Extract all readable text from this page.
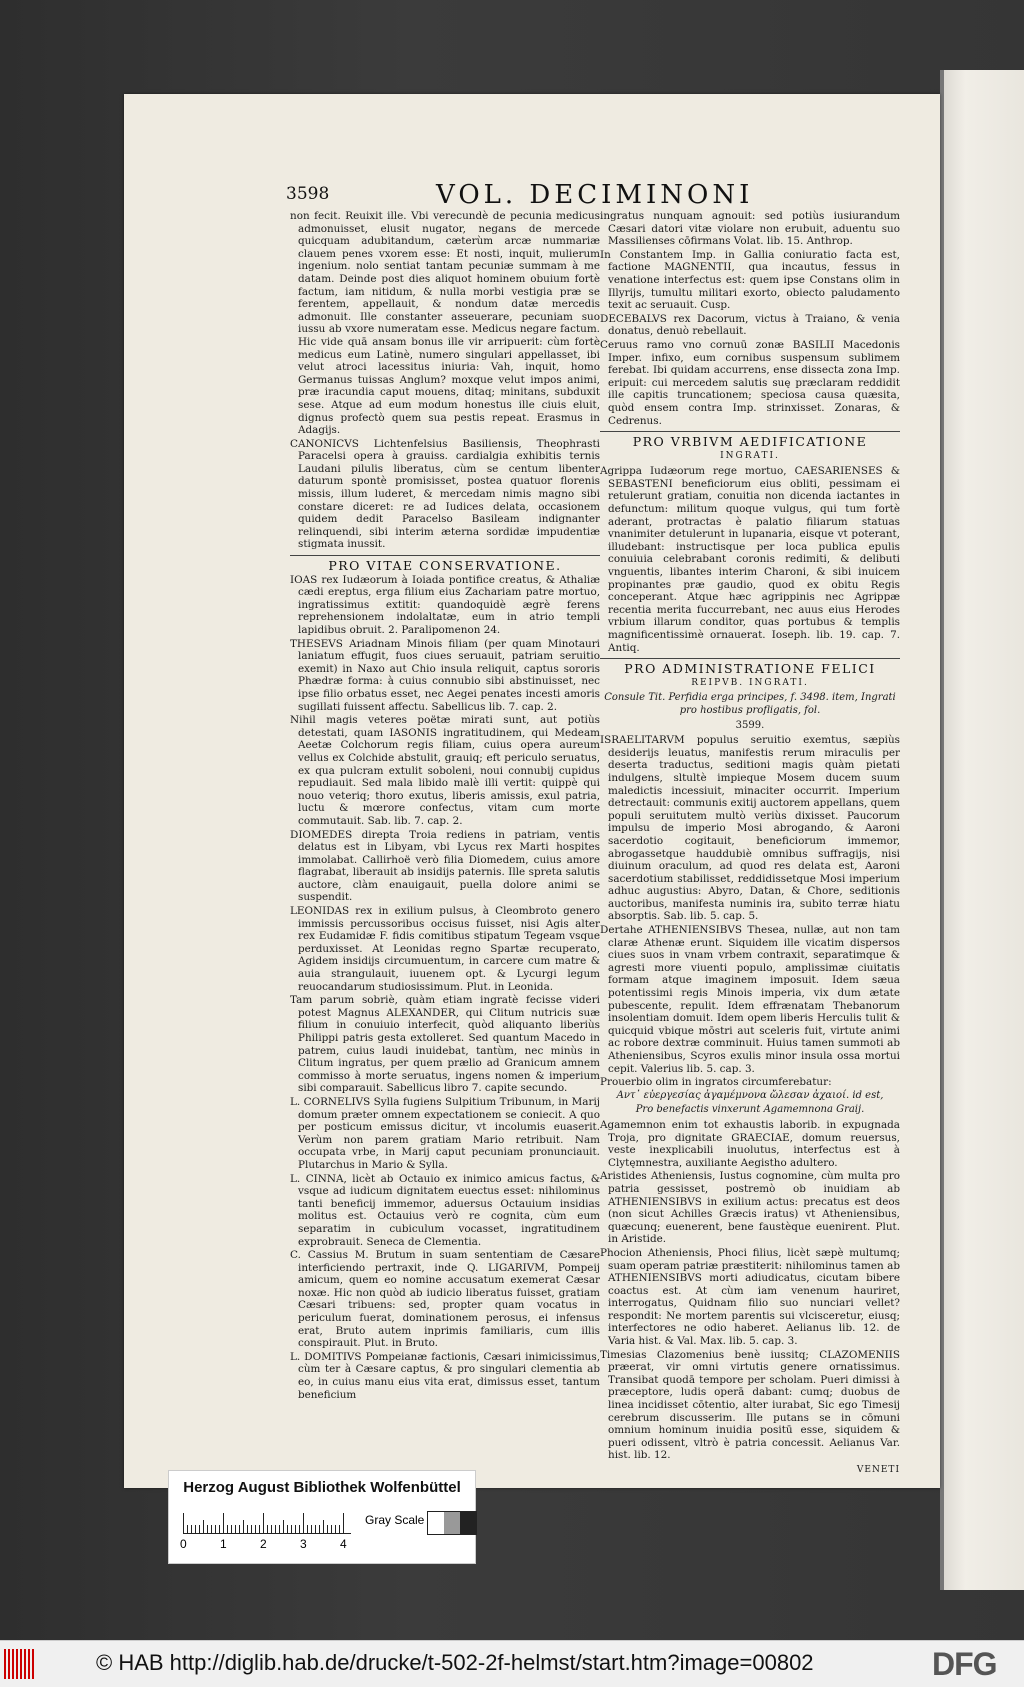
3598	VOL. DECIMINONI

non fecit. Reuixit ille. Vbi verecundè de pecunia medicus admonuisset, elusit nugator, negans de mercede quicquam adubitandum, cæterùm arcæ nummariæ clauem penes vxorem esse: Et nosti, inquit, mulierum ingenium. nolo sentiat tantam pecuniæ summam à me datam. Deinde post dies aliquot hominem obuium fortè factum, iam nitidum, & nulla morbi vestigia præ se ferentem, appellauit, & nondum datæ mercedis admonuit. Ille constanter asseuerare, pecuniam suo iussu ab vxore numeratam esse. Medicus negare factum. Hic vide quā ansam bonus ille vir arripuerit: cùm fortè medicus eum Latinè, numero singulari appellasset, ibi velut atroci lacessitus iniuria: Vah, inquit, homo Germanus tuissas Anglum? moxque velut impos animi, præ iracundia caput mouens, ditaq; minitans, subduxit sese. Atque ad eum modum honestus ille ciuis eluit, dignus profectò quem sua pestis repeat. Erasmus in Adagijs.

CANONICVS Lichtenfelsius Basiliensis, Theophrasti Paracelsi opera à grauiss. cardialgia exhibitis ternis Laudani pilulis liberatus, cùm se centum libenter daturum spontè promisisset, postea quatuor florenis missis, illum luderet, & mercedam nimis magno sibi constare diceret: re ad Iudices delata, occasionem quidem dedit Paracelso Basileam indignanter relinquendi, sibi interim æterna sordidæ impudentiæ stigmata inussit.

PRO VITAE CONSERVATIONE.

IOAS rex Iudæorum à Ioiada pontifice creatus, & Athaliæ cædi ereptus, erga filium eius Zachariam patre mortuo, ingratissimus extitit: quandoquidè ægrè ferens reprehensionem indolaltatæ, eum in atrio templi lapidibus obruit. 2. Paralipomenon 24.

THESEVS Ariadnam Minois filiam (per quam Minotauri laniatum effugit, fuos ciues seruauit, patriam seruitio exemit) in Naxo aut Chio insula reliquit, captus sororis Phædræ forma: à cuius connubio sibi abstinuisset, nec ipse filio orbatus esset, nec Aegei penates incesti amoris sugillati fuissent affectu. Sabellicus lib. 7. cap. 2.

Nihil magis veteres poëtæ mirati sunt, aut potiùs detestati, quam IASONIS ingratitudinem, qui Medeam Aeetæ Colchorum regis filiam, cuius opera aureum vellus ex Colchide abstulit, grauiq; eft periculo seruatus, ex qua pulcram extulit soboleni, noui connubij cupidus repudiauit. Sed mala libido malè illi vertit: quippè qui nouo veteriq; thoro exutus, liberis amissis, exul patria, luctu & mœrore confectus, vitam cum morte commutauit. Sab. lib. 7. cap. 2.

DIOMEDES direpta Troia rediens in patriam, ventis delatus est in Libyam, vbi Lycus rex Marti hospites immolabat. Callirhoë verò filia Diomedem, cuius amore flagrabat, liberauit ab insidijs paternis. Ille spreta salutis auctore, clàm enauigauit, puella dolore animi se suspendit.

LEONIDAS rex in exilium pulsus, à Cleombroto genero immissis percussoribus occisus fuisset, nisi Agis alter rex Eudamidæ F. fidis comitibus stipatum Tegeam vsque perduxisset. At Leonidas regno Spartæ recuperato, Agidem insidijs circumuentum, in carcere cum matre & auia strangulauit, iuuenem opt. & Lycurgi legum reuocandarum studiosissimum. Plut. in Leonida.

Tam parum sobriè, quàm etiam ingratè fecisse videri potest Magnus ALEXANDER, qui Clitum nutricis suæ filium in conuiuio interfecit, quòd aliquanto liberiùs Philippi patris gesta extolleret. Sed quantum Macedo in patrem, cuius laudi inuidebat, tantùm, nec minùs in Clitum ingratus, per quem prælio ad Granicum amnem commisso à morte seruatus, ingens nomen & imperium sibi comparauit. Sabellicus libro 7. capite secundo.

L. CORNELIVS Sylla fugiens Sulpitium Tribunum, in Marij domum præter omnem expectationem se coniecit. A quo per posticum emissus dicitur, vt incolumis euaserit. Verùm non parem gratiam Mario retribuit. Nam occupata vrbe, in Marij caput pecuniam pronunciauit. Plutarchus in Mario & Sylla.

L. CINNA, licèt ab Octauio ex inimico amicus factus, & vsque ad iudicum dignitatem euectus esset: nihilominus tanti beneficij immemor, aduersus Octauium insidias molitus est. Octauius verò re cognita, cùm eum separatim in cubiculum vocasset, ingratitudinem exprobrauit. Seneca de Clementia.

C. Cassius M. Brutum in suam sententiam de Cæsare interficiendo pertraxit, inde Q. LIGARIVM, Pompeij amicum, quem eo nomine accusatum exemerat Cæsar noxæ. Hic non quòd ab iudicio liberatus fuisset, gratiam Cæsari tribuens: sed, propter quam vocatus in periculum fuerat, dominationem perosus, ei infensus erat, Bruto autem inprimis familiaris, cum illis conspirauit. Plut. in Bruto.

L. DOMITIVS Pompeianæ factionis, Cæsari inimicissimus, cùm ter à Cæsare captus, & pro singulari clementia ab eo, in cuius manu eius vita erat, dimissus esset, tantum beneficium

ingratus nunquam agnouit: sed potiùs iusiurandum Cæsari datori vitæ violare non erubuit, aduentu suo Massilienses cōfirmans Volat. lib. 15. Anthrop.

In Constantem Imp. in Gallia coniuratio facta est, factione MAGNENTII, qua incautus, fessus in venatione interfectus est: quem ipse Constans olim in Illyrijs, tumultu militari exorto, obiecto paludamento texit ac seruauit. Cusp.

DECEBALVS rex Dacorum, victus à Traiano, & venia donatus, denuò rebellauit.

Ceruus ramo vno cornuū zonæ BASILII Macedonis Imper. infixo, eum cornibus suspensum sublimem ferebat. Ibi quidam accurrens, ense dissecta zona Imp. eripuit: cui mercedem salutis suę præclaram reddidit ille capitis truncationem; speciosa causa quæsita, quòd ensem contra Imp. strinxisset. Zonaras, & Cedrenus.

PRO VRBIVM AEDIFICATIONE
INGRATI.

Agrippa Iudæorum rege mortuo, CAESARIENSES & SEBASTENI beneficiorum eius obliti, pessimam ei retulerunt gratiam, conuitia non dicenda iactantes in defunctum: militum quoque vulgus, qui tum fortè aderant, protractas è palatio filiarum statuas vnanimiter detulerunt in lupanaria, eisque vt poterant, illudebant: instructisque per loca publica epulis conuiuia celebrabant coronis redimiti, & delibuti vnguentis, libantes interim Charoni, & sibi inuicem propinantes præ gaudio, quod ex obitu Regis conceperant. Atque hæc agrippinis nec Agrippæ recentia merita fuccurrebant, nec auus eius Herodes vrbium illarum conditor, quas portubus & templis magnificentissimè ornauerat. Ioseph. lib. 19. cap. 7. Antiq.

PRO ADMINISTRATIONE FELICI
REIPVB. INGRATI.
Consule Tit. Perfidia erga principes, f. 3498. item, Ingrati pro hostibus profligatis, fol.
3599.

ISRAELITARVM populus seruitio exemtus, sæpiùs desiderijs leuatus, manifestis rerum miraculis per deserta traductus, seditioni magis quàm pietati indulgens, sltultè impieque Mosem ducem suum maledictis incessiuit, minaciter occurrit. Imperium detrectauit: communis exitij auctorem appellans, quem populi seruitutem multò veriùs dixisset. Paucorum impulsu de imperio Mosi abrogando, & Aaroni sacerdotio cogitauit, beneficiorum immemor, abrogassetque hauddubiè omnibus suffragijs, nisi diuinum oraculum, ad quod res delata est, Aaroni sacerdotium stabilisset, reddidissetque Mosi imperium adhuc augustius: Abyro, Datan, & Chore, seditionis auctoribus, manifesta numinis ira, subito terræ hiatu absorptis. Sab. lib. 5. cap. 5.

Dertahe ATHENIENSIBVS Thesea, nullæ, aut non tam claræ Athenæ erunt. Siquidem ille vicatim dispersos ciues suos in vnam vrbem contraxit, separatimque & agresti more viuenti populo, amplissimæ ciuitatis formam atque imaginem imposuit. Idem sæua potentissimi regis Minois imperia, vix dum ætate pubescente, repulit. Idem effrænatam Thebanorum insolentiam domuit. Idem opem liberis Herculis tulit & quicquid vbique mōstri aut sceleris fuit, virtute animi ac robore dextræ comminuit. Huius tamen summoti ab Atheniensibus, Scyros exulis minor insula ossa mortui cepit. Valerius lib. 5. cap. 3.

Prouerbio olim in ingratos circumferebatur:

Αντ᾽ εὐεργεσίας ἀγαμέμνονα ὤλεσαν ἀχαιοί. id est,
Pro benefactis vinxerunt Agamemnona Graij.

Agamemnon enim tot exhaustis laborib. in expugnada Troja, pro dignitate GRAECIAE, domum reuersus, veste inexplicabili inuolutus, interfectus est à Clytęmnestra, auxiliante Aegistho adultero.

Aristides Atheniensis, Iustus cognomine, cùm multa pro patria gessisset, postremò ob inuidiam ab ATHENIENSIBVS in exilium actus: precatus est deos (non sicut Achilles Græcis iratus) vt Atheniensibus, quæcunq; euenerent, bene faustèque euenirent. Plut. in Aristide.

Phocion Atheniensis, Phoci filius, licèt sæpè multumq; suam operam patriæ præstiterit: nihilominus tamen ab ATHENIENSIBVS morti adiudicatus, cicutam bibere coactus est. At cùm iam venenum hauriret, interrogatus, Quidnam filio suo nunciari vellet? respondit: Ne mortem parentis sui vlcisceretur, eiusq; interfectores ne odio haberet. Aelianus lib. 12. de Varia hist. & Val. Max. lib. 5. cap. 3.

Timesias Clazomenius benè iussitq; CLAZOMENIIS præerat, vir omni virtutis genere ornatissimus. Transibat quodā tempore per scholam. Pueri dimissi à præceptore, ludis operā dabant: cumq; duobus de linea incidisset cōtentio, alter iurabat, Sic ego Timesij cerebrum discusserim. Ille putans se in cōmuni omnium hominum inuidia positū esse, siquidem & pueri odissent, vltrò è patria concessit. Aelianus Var. hist. lib. 12.

VENETI
Herzog August Bibliothek Wolfenbüttel
0	1	2	3	4
Gray Scale
© HAB http://diglib.hab.de/drucke/t-502-2f-helmst/start.htm?image=00802	DFG
